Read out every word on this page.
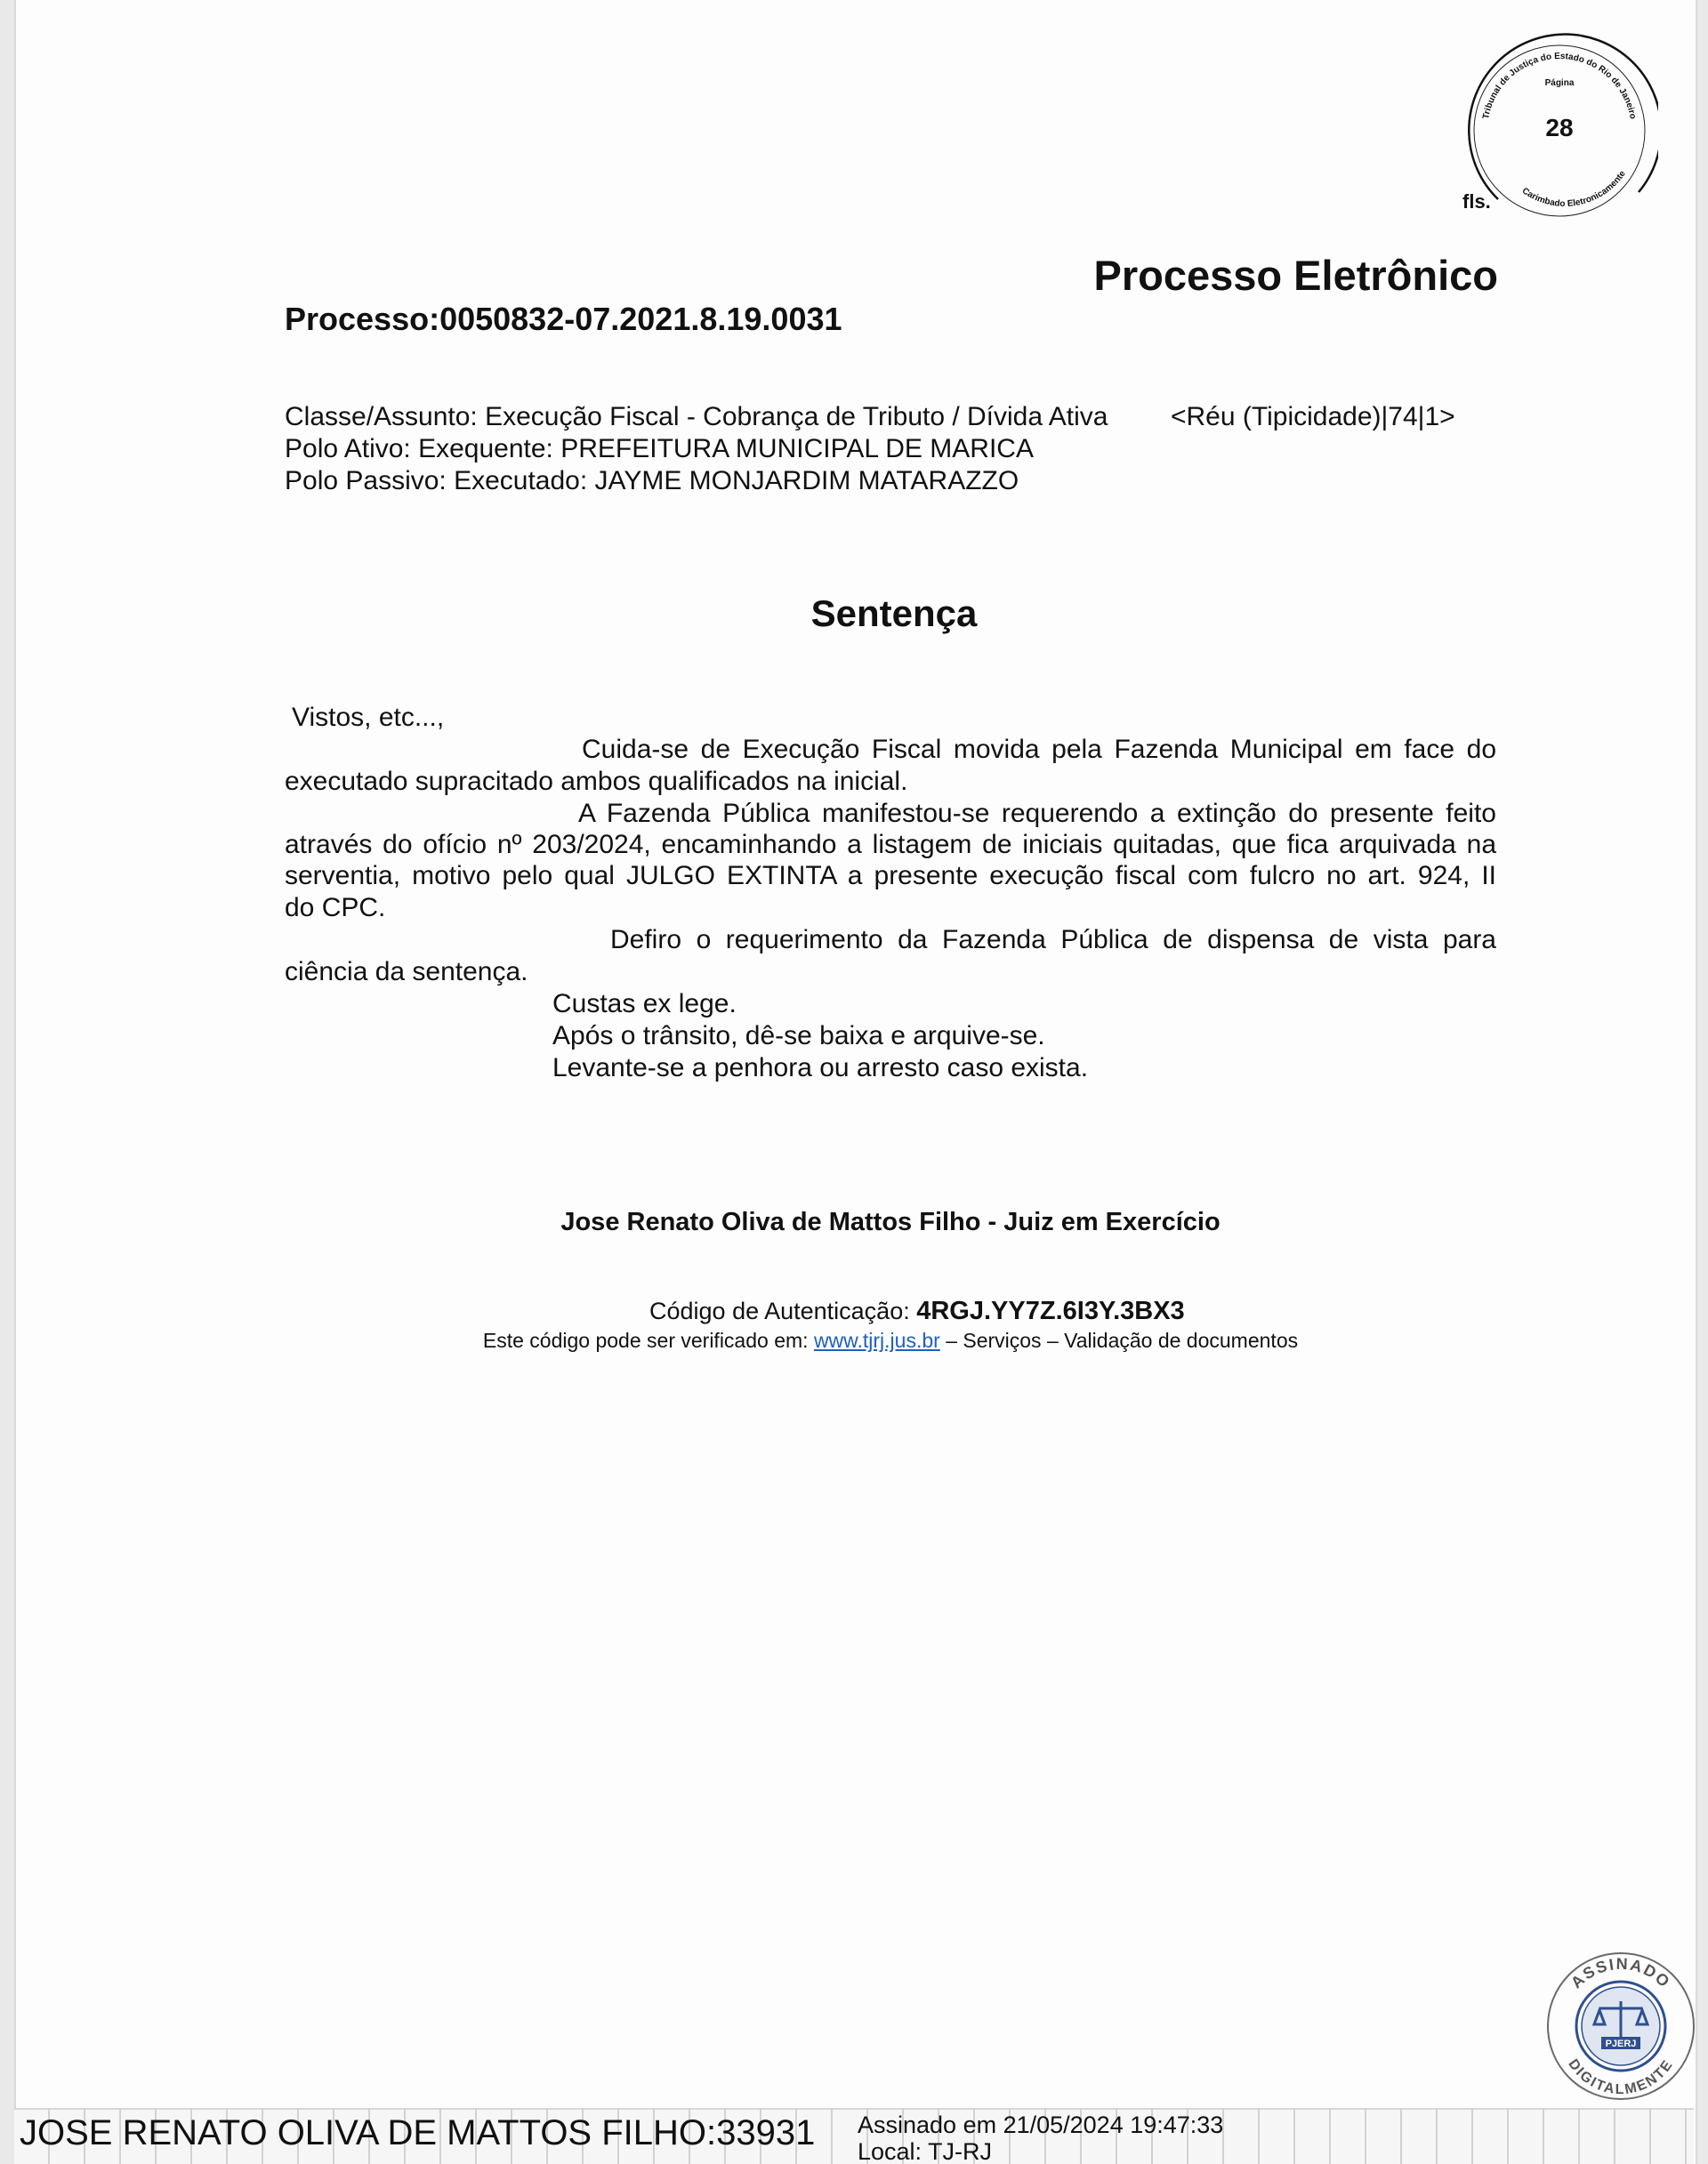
Tribunal de Justiça do Estado do Rio de Janeiro
Carimbado Eletronicamente
Página
28
fls.
Processo Eletrônico
Processo:0050832-07.2021.8.19.0031
Classe/Assunto: Execução Fiscal - Cobrança de Tributo / Dívida Ativa <Réu (Tipicidade)|74|1>
Polo Ativo: Exequente: PREFEITURA MUNICIPAL DE MARICA
Polo Passivo: Executado: JAYME MONJARDIM MATARAZZO
Sentença
Vistos, etc...,
Cuida-se de Execução Fiscal movida pela Fazenda Municipal em face do
executado supracitado ambos qualificados na inicial.
A Fazenda Pública manifestou-se requerendo a extinção do presente feito
através do ofício nº 203/2024, encaminhando a listagem de iniciais quitadas, que fica arquivada na
serventia, motivo pelo qual JULGO EXTINTA a presente execução fiscal com fulcro no art. 924, II
do CPC.
Defiro o requerimento da Fazenda Pública de dispensa de vista para
ciência da sentença.
Custas ex lege.
Após o trânsito, dê-se baixa e arquive-se.
Levante-se a penhora ou arresto caso exista.
Jose Renato Oliva de Mattos Filho - Juiz em Exercício
Código de Autenticação: 4RGJ.YY7Z.6I3Y.3BX3
Este código pode ser verificado em: www.tjrj.jus.br – Serviços – Validação de documentos
PJERJ
ASSINADO
DIGITALMENTE
JOSE RENATO OLIVA DE MATTOS FILHO:33931 Assinado em 21/05/2024 19:47:33
Local: TJ-RJ
